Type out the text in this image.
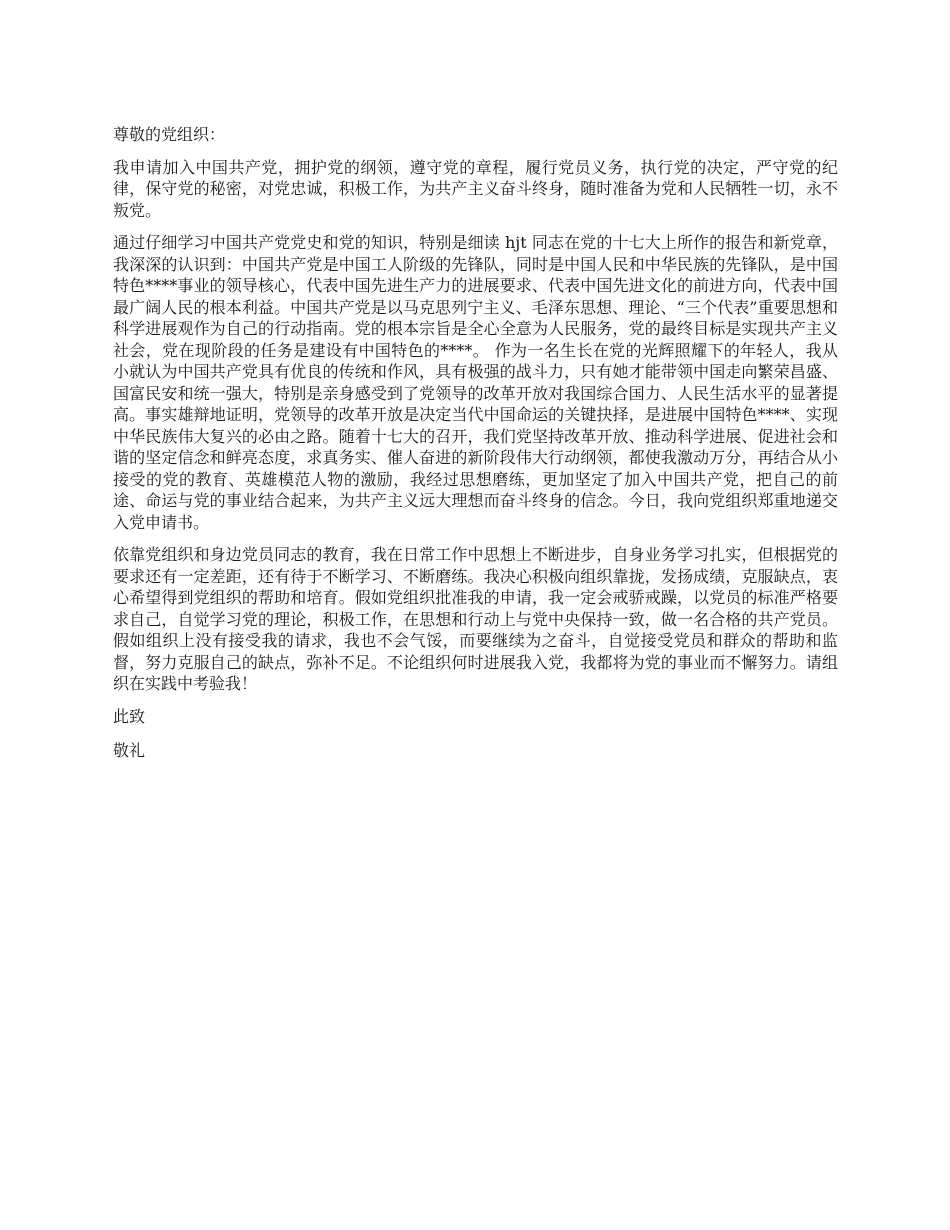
尊敬的党组织：

我申请加入中国共产党，拥护党的纲领，遵守党的章程，履行党员义务，执行党的决定，严守党的纪律，保守党的秘密，对党忠诚，积极工作，为共产主义奋斗终身，随时准备为党和人民牺牲一切，永不叛党。

通过仔细学习中国共产党党史和党的知识，特别是细读 hjt 同志在党的十七大上所作的报告和新党章，我深深的认识到：中国共产党是中国工人阶级的先锋队，同时是中国人民和中华民族的先锋队，是中国特色****事业的领导核心，代表中国先进生产力的进展要求、代表中国先进文化的前进方向，代表中国最广阔人民的根本利益。中国共产党是以马克思列宁主义、毛泽东思想、理论、“三个代表”重要思想和科学进展观作为自己的行动指南。党的根本宗旨是全心全意为人民服务，党的最终目标是实现共产主义社会，党在现阶段的任务是建设有中国特色的****。 作为一名生长在党的光辉照耀下的年轻人，我从小就认为中国共产党具有优良的传统和作风，具有极强的战斗力，只有她才能带领中国走向繁荣昌盛、国富民安和统一强大，特别是亲身感受到了党领导的改革开放对我国综合国力、人民生活水平的显著提高。事实雄辩地证明，党领导的改革开放是决定当代中国命运的关键抉择，是进展中国特色****、实现中华民族伟大复兴的必由之路。随着十七大的召开，我们党坚持改革开放、推动科学进展、促进社会和谐的坚定信念和鲜亮态度，求真务实、催人奋进的新阶段伟大行动纲领，都使我激动万分，再结合从小接受的党的教育、英雄模范人物的激励，我经过思想磨练，更加坚定了加入中国共产党，把自己的前途、命运与党的事业结合起来，为共产主义远大理想而奋斗终身的信念。今日，我向党组织郑重地递交入党申请书。

依靠党组织和身边党员同志的教育，我在日常工作中思想上不断进步，自身业务学习扎实，但根据党的要求还有一定差距，还有待于不断学习、不断磨练。我决心积极向组织靠拢，发扬成绩，克服缺点，衷心希望得到党组织的帮助和培育。假如党组织批准我的申请，我一定会戒骄戒躁，以党员的标准严格要求自己，自觉学习党的理论，积极工作，在思想和行动上与党中央保持一致，做一名合格的共产党员。假如组织上没有接受我的请求，我也不会气馁，而要继续为之奋斗，自觉接受党员和群众的帮助和监督，努力克服自己的缺点，弥补不足。不论组织何时进展我入党，我都将为党的事业而不懈努力。请组织在实践中考验我！

此致

敬礼
